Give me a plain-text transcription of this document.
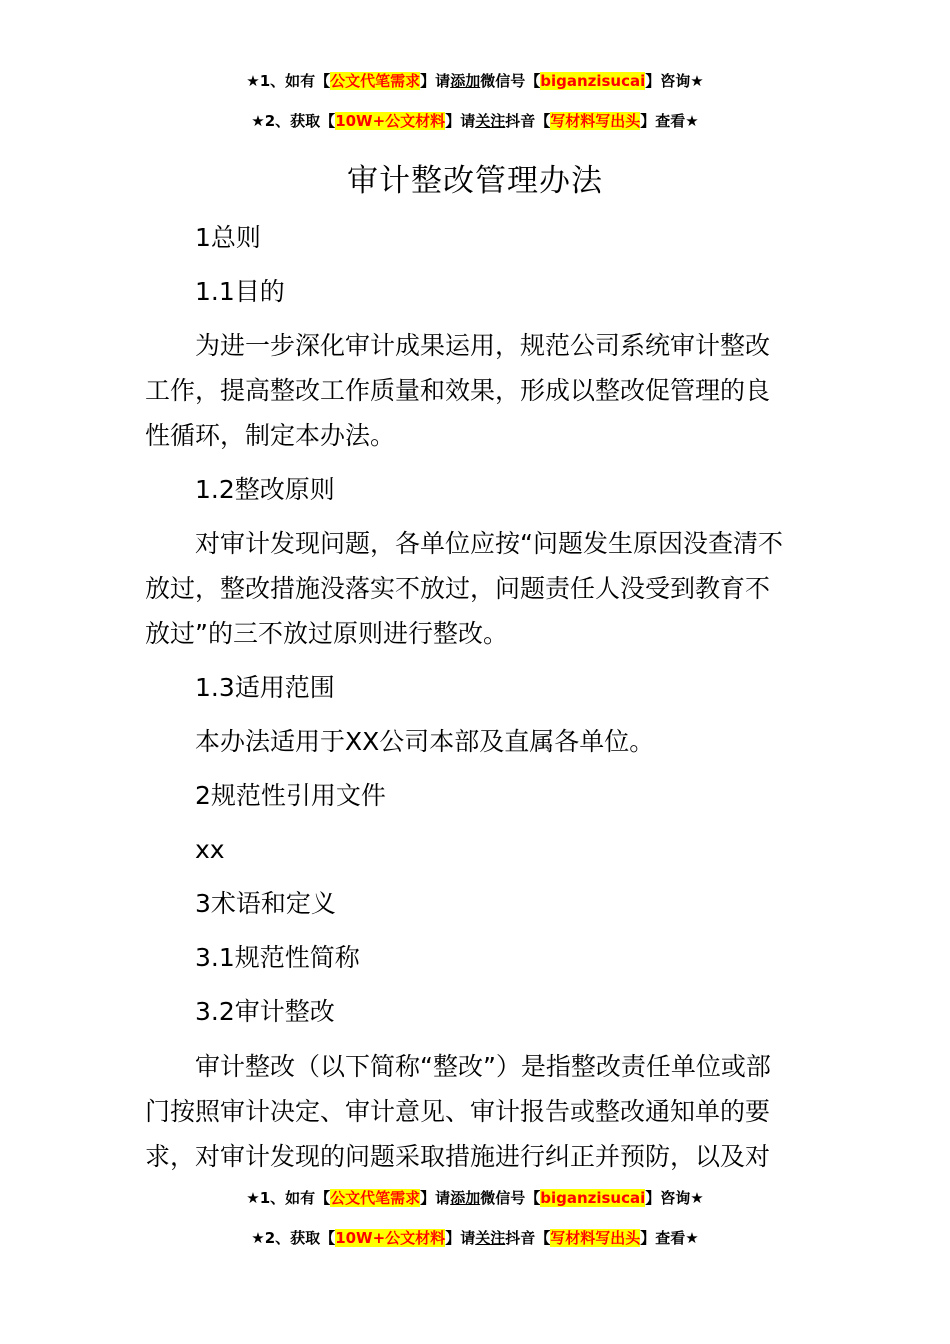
★1、如有【公文代笔需求】请添加微信号【biganzisucai】咨询★
★2、获取【10W+公文材料】请关注抖音【写材料写出头】查看★
审计整改管理办法

1总则

1.1目的

为进一步深化审计成果运用，规范公司系统审计整改

工作，提高整改工作质量和效果，形成以整改促管理的良

性循环，制定本办法。

1.2整改原则

对审计发现问题，各单位应按“问题发生原因没查清不

放过，整改措施没落实不放过，问题责任人没受到教育不

放过”的三不放过原则进行整改。

1.3适用范围

本办法适用于XX公司本部及直属各单位。

2规范性引用文件

xx

3术语和定义

3.1规范性简称

3.2审计整改

审计整改（以下简称“整改”）是指整改责任单位或部

门按照审计决定、审计意见、审计报告或整改通知单的要

求，对审计发现的问题采取措施进行纠正并预防，以及对

★1、如有【公文代笔需求】请添加微信号【biganzisucai】咨询★
★2、获取【10W+公文材料】请关注抖音【写材料写出头】查看★
